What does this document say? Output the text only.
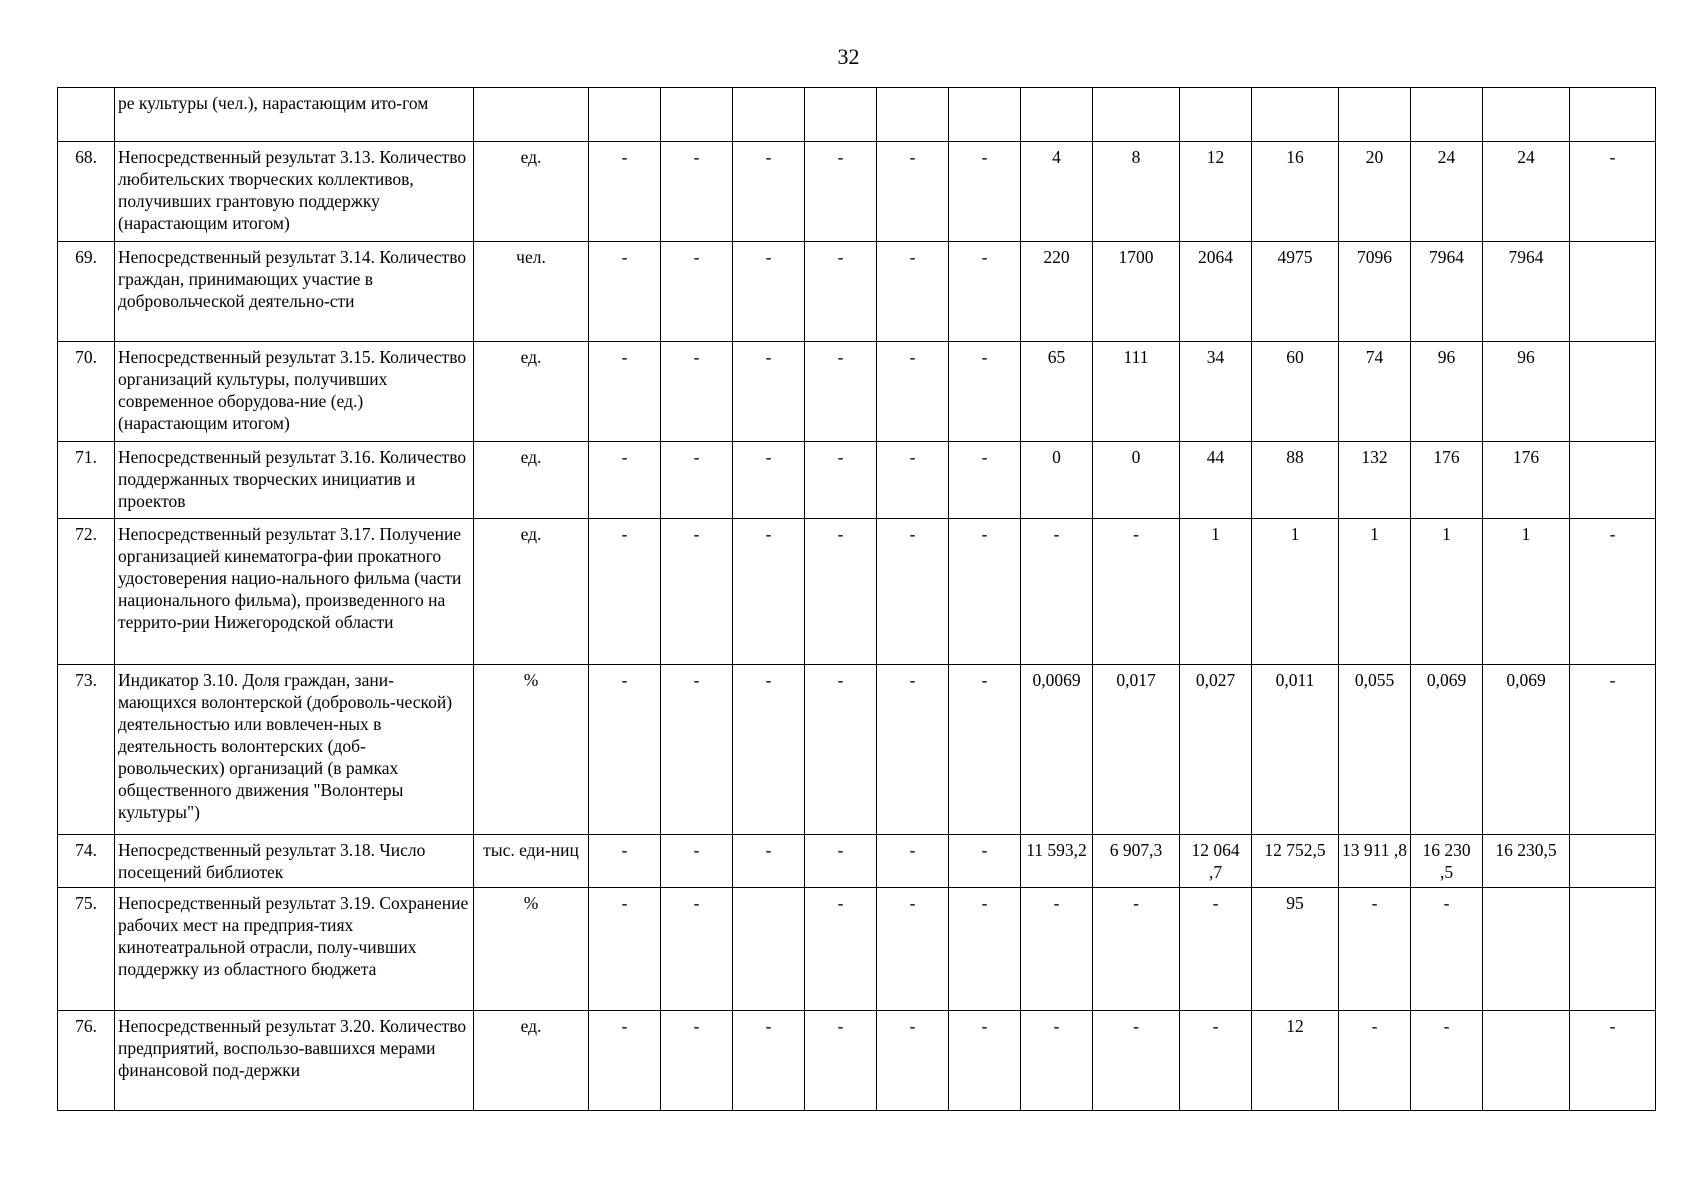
32
	ре культуры (чел.), нарастающим ито-гом															
68.	Непосредственный результат 3.13. Количество любительских творческих коллективов, получивших грантовую поддержку (нарастающим итогом)	ед.	-	-	-	-	-	-	4	8	12	16	20	24	24	-
69.	Непосредственный результат 3.14. Количество граждан, принимающих участие в добровольческой деятельно-сти	чел.	-	-	-	-	-	-	220	1700	2064	4975	7096	7964	7964	
70.	Непосредственный результат 3.15. Количество организаций культуры, получивших современное оборудова-ние (ед.) (нарастающим итогом)	ед.	-	-	-	-	-	-	65	111	34	60	74	96	96	
71.	Непосредственный результат 3.16. Количество поддержанных творческих инициатив и проектов	ед.	-	-	-	-	-	-	0	0	44	88	132	176	176	
72.	Непосредственный результат 3.17. Получение организацией кинематогра-фии прокатного удостоверения нацио-нального фильма (части национального фильма), произведенного на террито-рии Нижегородской области	ед.	-	-	-	-	-	-	-	-	1	1	1	1	1	-
73.	Индикатор 3.10. Доля граждан, зани-мающихся волонтерской (доброволь-ческой) деятельностью или вовлечен-ных в деятельность волонтерских (доб-ровольческих) организаций (в рамках общественного движения "Волонтеры культуры")	%	-	-	-	-	-	-	0,0069	0,017	0,027	0,011	0,055	0,069	0,069	-
74.	Непосредственный результат 3.18. Число посещений библиотек	тыс. еди-ниц	-	-	-	-	-	-	11 593,2	6 907,3	12 064 ,7	12 752,5	13 911 ,8	16 230 ,5	16 230,5	
75.	Непосредственный результат 3.19. Сохранение рабочих мест на предприя-тиях кинотеатральной отрасли, полу-чивших поддержку из областного бюджета	%	-	-		-	-	-	-	-	-	95	-	-		
76.	Непосредственный результат 3.20. Количество предприятий, воспользо-вавшихся мерами финансовой под-держки	ед.	-	-	-	-	-	-	-	-	-	12	-	-		-
